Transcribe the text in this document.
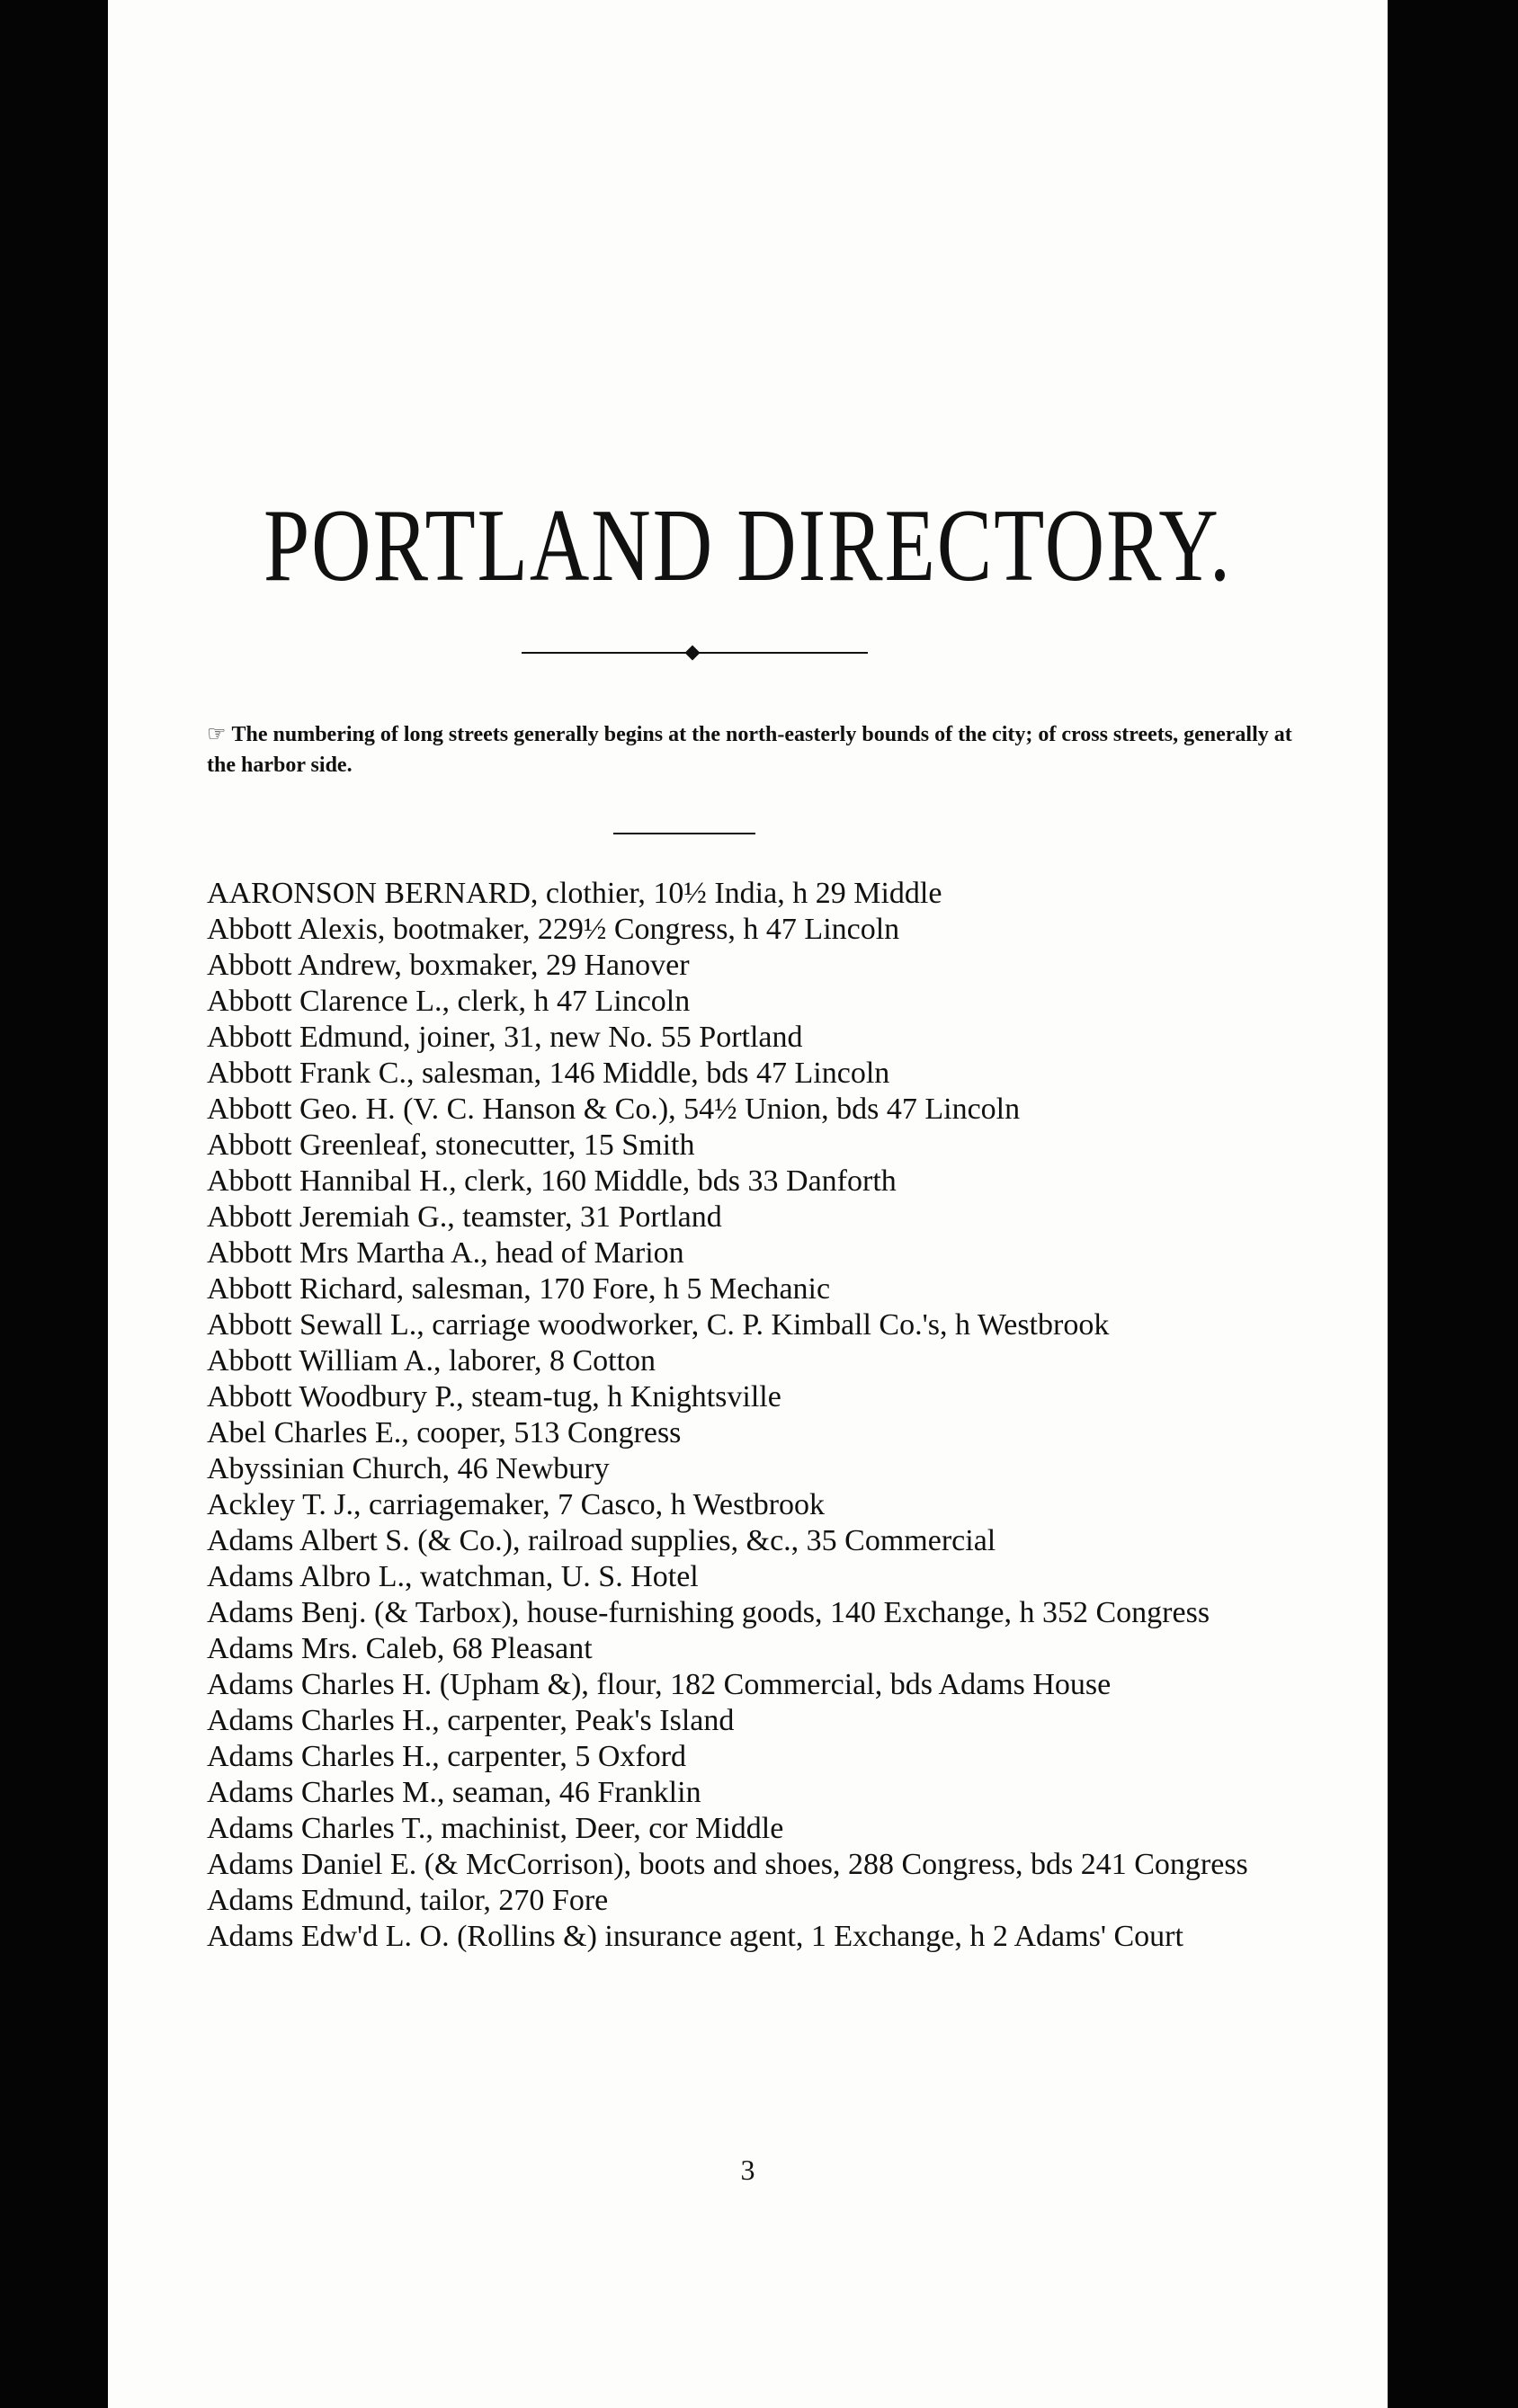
PORTLAND DIRECTORY.
☞ The numbering of long streets generally begins at the north-easterly bounds of the city; of cross streets, generally at the harbor side.

AARONSON BERNARD, clothier, 10½ India, h 29 Middle

Abbott Alexis, bootmaker, 229½ Congress, h 47 Lincoln

Abbott Andrew, boxmaker, 29 Hanover

Abbott Clarence L., clerk, h 47 Lincoln

Abbott Edmund, joiner, 31, new No. 55 Portland

Abbott Frank C., salesman, 146 Middle, bds 47 Lincoln

Abbott Geo. H. (V. C. Hanson & Co.), 54½ Union, bds 47 Lincoln

Abbott Greenleaf, stonecutter, 15 Smith

Abbott Hannibal H., clerk, 160 Middle, bds 33 Danforth

Abbott Jeremiah G., teamster, 31 Portland

Abbott Mrs Martha A., head of Marion

Abbott Richard, salesman, 170 Fore, h 5 Mechanic

Abbott Sewall L., carriage woodworker, C. P. Kimball Co.'s, h Westbrook

Abbott William A., laborer, 8 Cotton

Abbott Woodbury P., steam-tug, h Knightsville

Abel Charles E., cooper, 513 Congress

Abyssinian Church, 46 Newbury

Ackley T. J., carriagemaker, 7 Casco, h Westbrook

Adams Albert S. (& Co.), railroad supplies, &c., 35 Commercial

Adams Albro L., watchman, U. S. Hotel

Adams Benj. (& Tarbox), house-furnishing goods, 140 Exchange, h 352 Congress

Adams Mrs. Caleb, 68 Pleasant

Adams Charles H. (Upham &), flour, 182 Commercial, bds Adams House

Adams Charles H., carpenter, Peak's Island

Adams Charles H., carpenter, 5 Oxford

Adams Charles M., seaman, 46 Franklin

Adams Charles T., machinist, Deer, cor Middle

Adams Daniel E. (& McCorrison), boots and shoes, 288 Congress, bds 241 Congress

Adams Edmund, tailor, 270 Fore

Adams Edw'd L. O. (Rollins &) insurance agent, 1 Exchange, h 2 Adams' Court

3
